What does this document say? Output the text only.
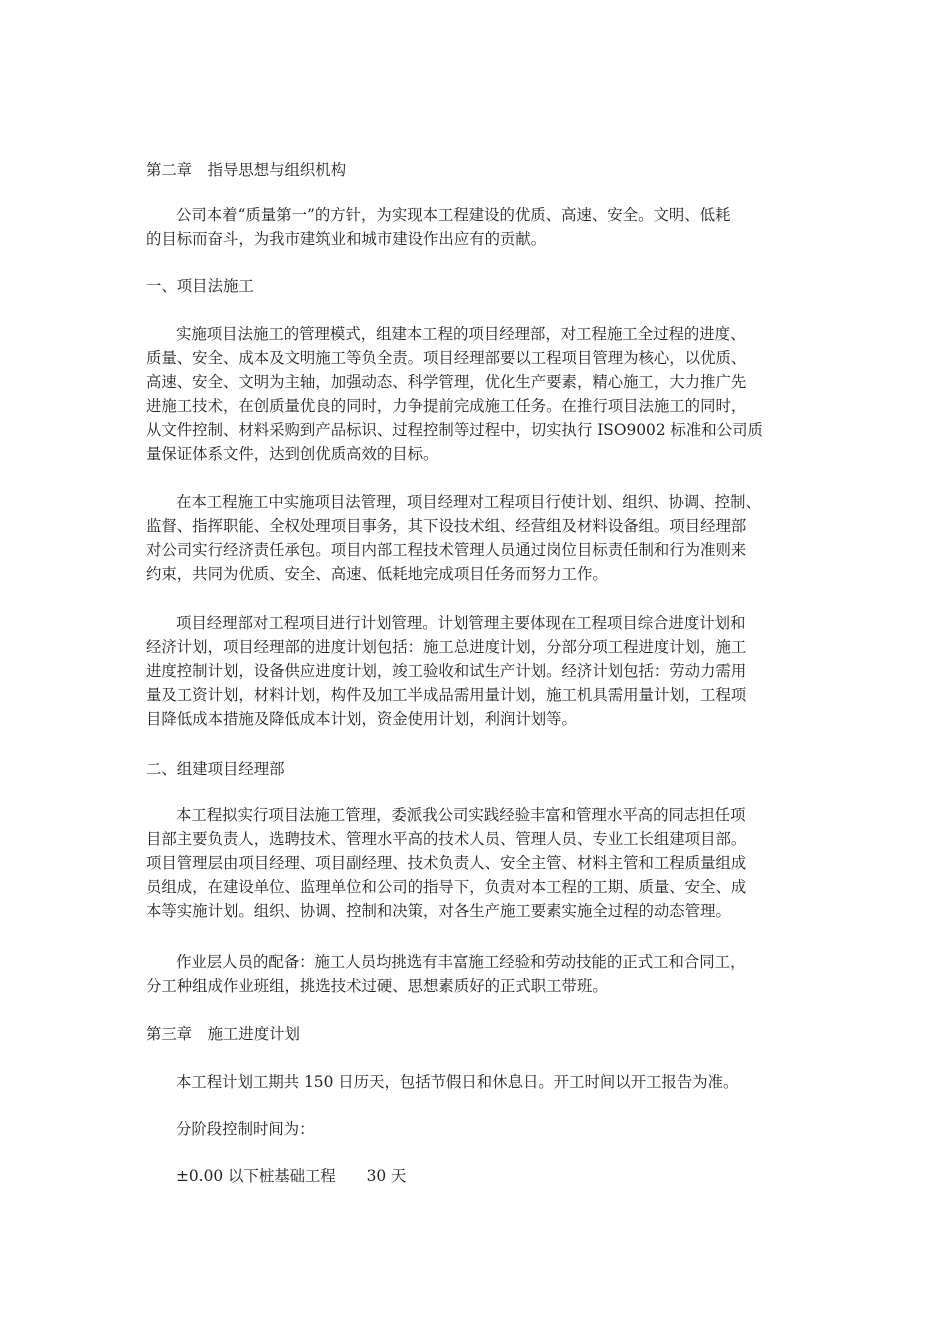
第二章　指导思想与组织机构

公司本着“质量第一”的方针，为实现本工程建设的优质、高速、安全。文明、低耗

的目标而奋斗，为我市建筑业和城市建设作出应有的贡献。

一、项目法施工

实施项目法施工的管理模式，组建本工程的项目经理部，对工程施工全过程的进度、

质量、安全、成本及文明施工等负全责。项目经理部要以工程项目管理为核心，以优质、

高速、安全、文明为主轴，加强动态、科学管理，优化生产要素，精心施工，大力推广先

进施工技术，在创质量优良的同时，力争提前完成施工任务。在推行项目法施工的同时，

从文件控制、材料采购到产品标识、过程控制等过程中，切实执行 ISO9002 标准和公司质

量保证体系文件，达到创优质高效的目标。

在本工程施工中实施项目法管理，项目经理对工程项目行使计划、组织、协调、控制、

监督、指挥职能、全权处理项目事务，其下设技术组、经营组及材料设备组。项目经理部

对公司实行经济责任承包。项目内部工程技术管理人员通过岗位目标责任制和行为准则来

约束，共同为优质、安全、高速、低耗地完成项目任务而努力工作。

项目经理部对工程项目进行计划管理。计划管理主要体现在工程项目综合进度计划和

经济计划，项目经理部的进度计划包括：施工总进度计划，分部分项工程进度计划，施工

进度控制计划，设备供应进度计划，竣工验收和试生产计划。经济计划包括：劳动力需用

量及工资计划，材料计划，构件及加工半成品需用量计划，施工机具需用量计划，工程项

目降低成本措施及降低成本计划，资金使用计划，利润计划等。

二、组建项目经理部

本工程拟实行项目法施工管理，委派我公司实践经验丰富和管理水平高的同志担任项

目部主要负责人，选聘技术、管理水平高的技术人员、管理人员、专业工长组建项目部。

项目管理层由项目经理、项目副经理、技术负责人、安全主管、材料主管和工程质量组成

员组成，在建设单位、监理单位和公司的指导下，负责对本工程的工期、质量、安全、成

本等实施计划。组织、协调、控制和决策，对各生产施工要素实施全过程的动态管理。

作业层人员的配备：施工人员均挑选有丰富施工经验和劳动技能的正式工和合同工，

分工种组成作业班组，挑选技术过硬、思想素质好的正式职工带班。

第三章　施工进度计划

本工程计划工期共 150 日历天，包括节假日和休息日。开工时间以开工报告为准。

分阶段控制时间为：

±0.00 以下桩基础工程　　30 天
